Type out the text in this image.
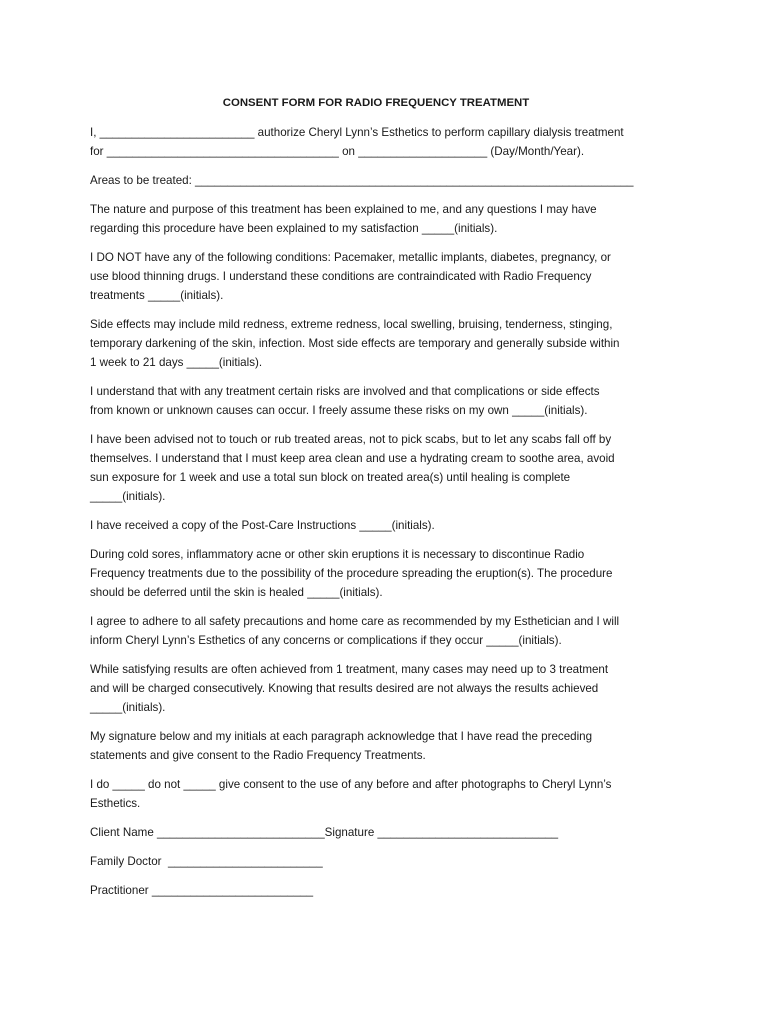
CONSENT FORM FOR RADIO FREQUENCY TREATMENT
I, ________________________ authorize Cheryl Lynn’s Esthetics to perform capillary dialysis treatment
for ____________________________________ on ____________________ (Day/Month/Year).
Areas to be treated: ____________________________________________________________________
The nature and purpose of this treatment has been explained to me, and any questions I may have
regarding this procedure have been explained to my satisfaction _____(initials).
I DO NOT have any of the following conditions: Pacemaker, metallic implants, diabetes, pregnancy, or
use blood thinning drugs. I understand these conditions are contraindicated with Radio Frequency
treatments _____(initials).
Side effects may include mild redness, extreme redness, local swelling, bruising, tenderness, stinging,
temporary darkening of the skin, infection. Most side effects are temporary and generally subside within
1 week to 21 days _____(initials).
I understand that with any treatment certain risks are involved and that complications or side effects
from known or unknown causes can occur. I freely assume these risks on my own _____(initials).
I have been advised not to touch or rub treated areas, not to pick scabs, but to let any scabs fall off by
themselves. I understand that I must keep area clean and use a hydrating cream to soothe area, avoid
sun exposure for 1 week and use a total sun block on treated area(s) until healing is complete
_____(initials).
I have received a copy of the Post-Care Instructions _____(initials).
During cold sores, inflammatory acne or other skin eruptions it is necessary to discontinue Radio
Frequency treatments due to the possibility of the procedure spreading the eruption(s). The procedure
should be deferred until the skin is healed _____(initials).
I agree to adhere to all safety precautions and home care as recommended by my Esthetician and I will
inform Cheryl Lynn’s Esthetics of any concerns or complications if they occur _____(initials).
While satisfying results are often achieved from 1 treatment, many cases may need up to 3 treatment
and will be charged consecutively. Knowing that results desired are not always the results achieved
_____(initials).
My signature below and my initials at each paragraph acknowledge that I have read the preceding
statements and give consent to the Radio Frequency Treatments.
I do _____ do not _____ give consent to the use of any before and after photographs to Cheryl Lynn’s
Esthetics.
Client Name __________________________Signature ____________________________
Family Doctor  ________________________
Practitioner _________________________
